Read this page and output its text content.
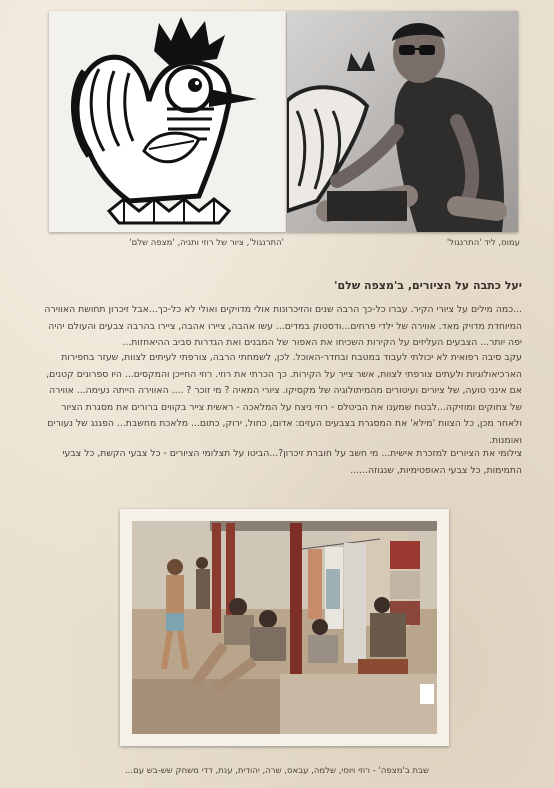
עמוס, ליד 'התרנגול'
'התרנגול', ציור של רוזי ותניה, 'מצפה שלם'
יעל כתבה על הציורים, ב'מצפה שלם'

...כמה מילים על ציורי הקיר. עברו כל-כך הרבה שנים והזיכרונות אולי מדויקים ואולי לא כל-כך...אבל זיכרון תחושת האווירה המיוחדת מדויק מאד. אווירה של ילדי פרחים...ודסטוק במדים... עשו אהבה, ציירו אהבה, ציירו בהרבה צבעים והעולם יהיה יפה יותר... הצבעים העליזים על הקירות השכיחו את האפור של המבנים ואת הגדרות סביב ההיאחזות...

עקב סיבה רפואית לא יכולתי לעבוד במטבח ובחדר-האוכל. לכן, לשמחתי הרבה, צורפתי לעיתים לצוות, שעזר בחפירות הארכיאולוגיות ולעתים צורפתי לצוות, אשר צייר על הקירות. כך הכרתי את רוזי. רוזי החייכן והמקסים... היו ספרונים קטנים, אם אינני טועה, של ציורים ועיטורים מהמיתולוגיה של מקסיקו. ציורי המאיה ? מי זוכר ? .... האווירה הייתה נעימה... אווירה של צחוקים ומוזיקה...לבטח שמענו את הביטלס - רוזי ניצח על המלאכה - ראשית צייר בקווים ברורים את מסגרת הציור ולאחר מכן, כל הצוות 'מילא' את המסגרת בצבעים העזים: אדום, כחול, ירוק, כתום... מלאכת מחשבת... הפגנג של נעורים ואומנות.

צילומי את הציורים למזכרת אישית... מי חשב על חוברת זיכרון?...הביטו על תצלומי הציורים - כל צבעי הקשת, כל צבעי התמימות, כל צבעי האופטימיות, שנגוזה......

שבת ב'מצפה' - רוזי ויוסי, שלמה, עבאס, שרה, יהודית, ענת, דדי משחק שש-בש עם...
